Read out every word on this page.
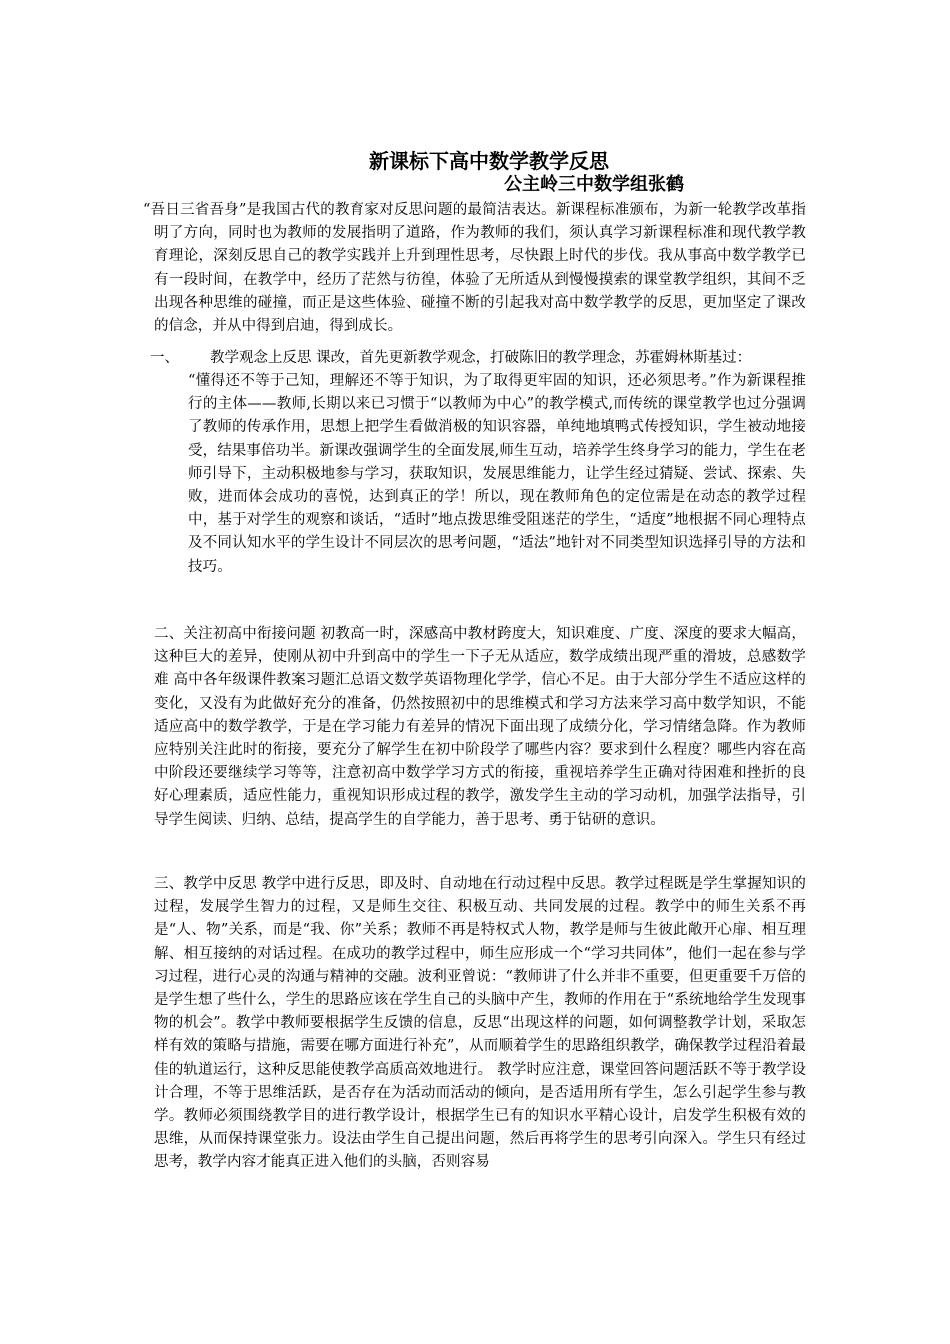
新课标下高中数学教学反思
公主岭三中数学组张鹤

“吾日三省吾身”是我国古代的教育家对反思问题的最简洁表达。新课程标准颁布，为新一轮教学改革指明了方向，同时也为教师的发展指明了道路，作为教师的我们，须认真学习新课程标准和现代教学教育理论，深刻反思自己的教学实践并上升到理性思考，尽快跟上时代的步伐。我从事高中数学教学已有一段时间，在教学中，经历了茫然与彷徨，体验了无所适从到慢慢摸索的课堂教学组织，其间不乏出现各种思维的碰撞，而正是这些体验、碰撞不断的引起我对高中数学教学的反思，更加坚定了课改的信念，并从中得到启迪，得到成长。

一、 教学观念上反思 课改，首先更新教学观念，打破陈旧的教学理念，苏霍姆林斯基过：

“懂得还不等于己知，理解还不等于知识，为了取得更牢固的知识，还必须思考。”作为新课程推行的主体——教师,长期以来已习惯于“以教师为中心”的教学模式,而传统的课堂教学也过分强调了教师的传承作用，思想上把学生看做消极的知识容器，单纯地填鸭式传授知识，学生被动地接受，结果事倍功半。新课改强调学生的全面发展,师生互动，培养学生终身学习的能力，学生在老师引导下，主动积极地参与学习，获取知识，发展思维能力，让学生经过猜疑、尝试、探索、失败，进而体会成功的喜悦，达到真正的学！所以，现在教师角色的定位需是在动态的教学过程中，基于对学生的观察和谈话，“适时”地点拨思维受阻迷茫的学生，“适度”地根据不同心理特点及不同认知水平的学生设计不同层次的思考问题，“适法”地针对不同类型知识选择引导的方法和技巧。

二、关注初高中衔接问题 初教高一时，深感高中教材跨度大，知识难度、广度、深度的要求大幅高，这种巨大的差异，使刚从初中升到高中的学生一下子无从适应，数学成绩出现严重的滑坡，总感数学难 高中各年级课件教案习题汇总语文数学英语物理化学学，信心不足。由于大部分学生不适应这样的变化，又没有为此做好充分的准备，仍然按照初中的思维模式和学习方法来学习高中数学知识，不能适应高中的数学教学，于是在学习能力有差异的情况下面出现了成绩分化，学习情绪急降。作为教师应特别关注此时的衔接，要充分了解学生在初中阶段学了哪些内容？要求到什么程度？哪些内容在高中阶段还要继续学习等等，注意初高中数学学习方式的衔接，重视培养学生正确对待困难和挫折的良好心理素质，适应性能力，重视知识形成过程的教学，激发学生主动的学习动机，加强学法指导，引导学生阅读、归纳、总结，提高学生的自学能力，善于思考、勇于钻研的意识。

三、教学中反思 教学中进行反思，即及时、自动地在行动过程中反思。教学过程既是学生掌握知识的过程，发展学生智力的过程，又是师生交往、积极互动、共同发展的过程。教学中的师生关系不再是“人、物”关系，而是“我、你”关系；教师不再是特权式人物，教学是师与生彼此敞开心扉、相互理解、相互接纳的对话过程。在成功的教学过程中，师生应形成一个“学习共同体”，他们一起在参与学习过程，进行心灵的沟通与精神的交融。波利亚曾说：“教师讲了什么并非不重要，但更重要千万倍的是学生想了些什么，学生的思路应该在学生自己的头脑中产生，教师的作用在于“系统地给学生发现事物的机会”。教学中教师要根据学生反馈的信息，反思“出现这样的问题，如何调整教学计划，采取怎样有效的策略与措施，需要在哪方面进行补充”，从而顺着学生的思路组织教学，确保教学过程沿着最佳的轨道运行，这种反思能使教学高质高效地进行。 教学时应注意，课堂回答问题活跃不等于教学设计合理，不等于思维活跃，是否存在为活动而活动的倾向，是否适用所有学生，怎么引起学生参与教学。教师必须围绕教学目的进行教学设计，根据学生已有的知识水平精心设计，启发学生积极有效的思维，从而保持课堂张力。设法由学生自己提出问题，然后再将学生的思考引向深入。学生只有经过思考，教学内容才能真正进入他们的头脑，否则容易
